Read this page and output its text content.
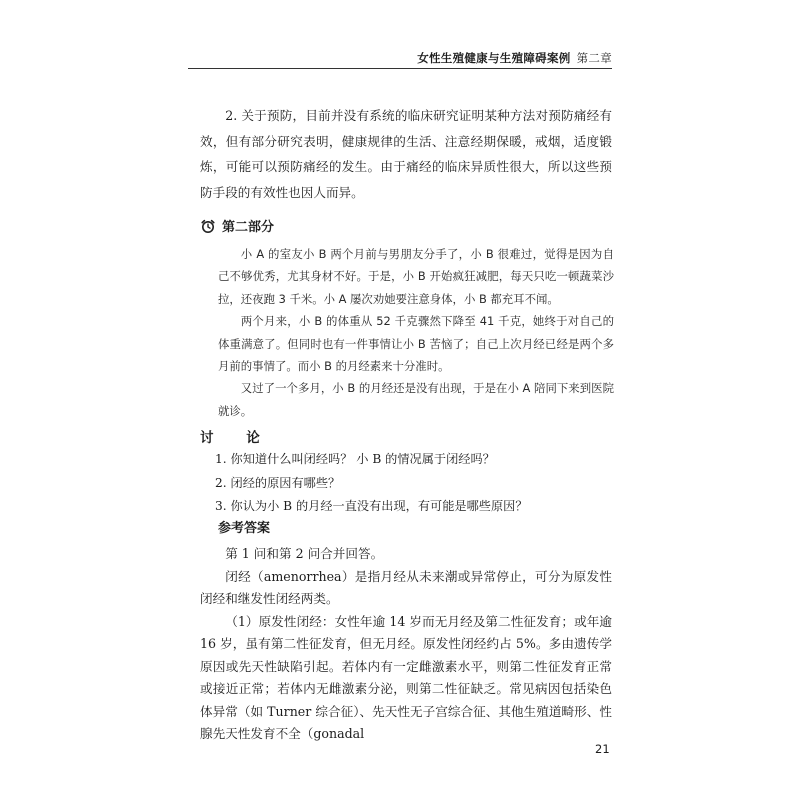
女性生殖健康与生殖障碍案例 第二章

2. 关于预防，目前并没有系统的临床研究证明某种方法对预防痛经有效，但有部分研究表明，健康规律的生活、注意经期保暖，戒烟，适度锻炼，可能可以预防痛经的发生。由于痛经的临床异质性很大，所以这些预防手段的有效性也因人而异。

第二部分

小 A 的室友小 B 两个月前与男朋友分手了，小 B 很难过，觉得是因为自己不够优秀，尤其身材不好。于是，小 B 开始疯狂减肥，每天只吃一顿蔬菜沙拉，还夜跑 3 千米。小 A 屡次劝她要注意身体，小 B 都充耳不闻。

两个月来，小 B 的体重从 52 千克骤然下降至 41 千克，她终于对自己的体重满意了。但同时也有一件事情让小 B 苦恼了；自己上次月经已经是两个多月前的事情了。而小 B 的月经素来十分准时。

又过了一个多月，小 B 的月经还是没有出现，于是在小 A 陪同下来到医院就诊。

讨 论
1. 你知道什么叫闭经吗？ 小 B 的情况属于闭经吗？
2. 闭经的原因有哪些？
3. 你认为小 B 的月经一直没有出现，有可能是哪些原因？
参考答案

第 1 问和第 2 问合并回答。

闭经（amenorrhea）是指月经从未来潮或异常停止，可分为原发性闭经和继发性闭经两类。

（1）原发性闭经：女性年逾 14 岁而无月经及第二性征发育；或年逾 16 岁，虽有第二性征发育，但无月经。原发性闭经约占 5%。多由遗传学原因或先天性缺陷引起。若体内有一定雌激素水平，则第二性征发育正常或接近正常；若体内无雌激素分泌，则第二性征缺乏。常见病因包括染色体异常（如 Turner 综合征）、先天性无子宫综合征、其他生殖道畸形、性腺先天性发育不全（gonadal

21
